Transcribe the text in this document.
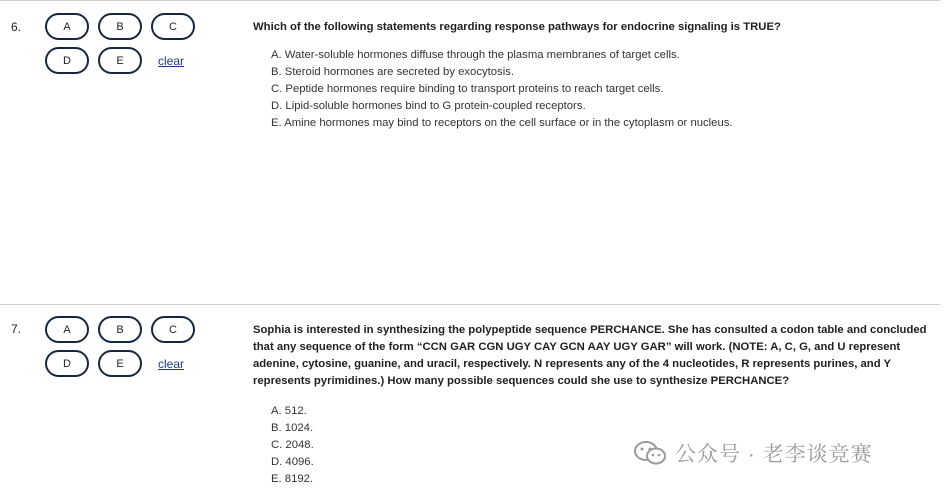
6.	A	B	C
D	E	clear
Which of the following statements regarding response pathways for endocrine signaling is TRUE?
A. Water-soluble hormones diffuse through the plasma membranes of target cells.
B. Steroid hormones are secreted by exocytosis.
C. Peptide hormones require binding to transport proteins to reach target cells.
D. Lipid-soluble hormones bind to G protein-coupled receptors.
E. Amine hormones may bind to receptors on the cell surface or in the cytoplasm or nucleus.
7.	A	B	C
D	E	clear
Sophia is interested in synthesizing the polypeptide sequence PERCHANCE. She has consulted a codon table and concluded that any sequence of the form “CCN GAR CGN UGY CAY GCN AAY UGY GAR” will work. (NOTE: A, C, G, and U represent adenine, cytosine, guanine, and uracil, respectively. N represents any of the 4 nucleotides, R represents purines, and Y represents pyrimidines.) How many possible sequences could she use to synthesize PERCHANCE?
A. 512.
B. 1024.
C. 2048.
D. 4096.
E. 8192.
公众号 · 老李谈竞赛
